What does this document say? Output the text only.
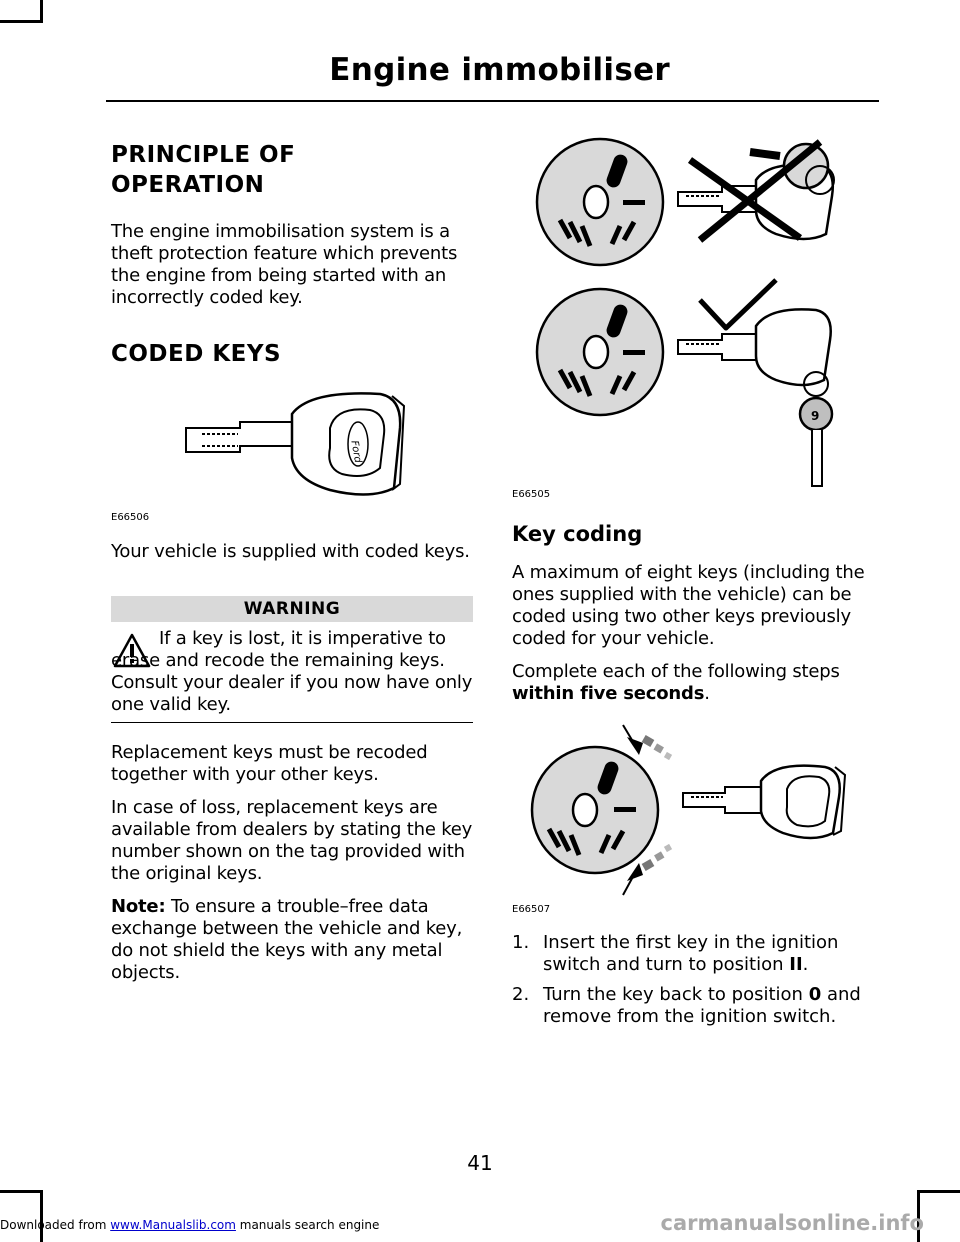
Engine immobiliser
PRINCIPLE OF
OPERATION
The engine immobilisation system is a theft protection feature which prevents the engine from being started with an incorrectly coded key.
CODED KEYS
Ford
E66506
Your vehicle is supplied with coded keys.
WARNING
If a key is lost, it is imperative to erase and recode the remaining keys. Consult your dealer if you now have only one valid key.
Replacement keys must be recoded together with your other keys.
In case of loss, replacement keys are available from dealers by stating the key number shown on the tag provided with the original keys.
Note: To ensure a trouble–free data exchange between the vehicle and key, do not shield the keys with any metal objects.
9
E66505
Key coding
A maximum of eight keys (including the ones supplied with the vehicle) can be coded using two other keys previously coded for your vehicle.
Complete each of the following steps within five seconds.
E66507
1. Insert the first key in the ignition switch and turn to position II.
2. Turn the key back to position 0 and remove from the ignition switch.
41
Downloaded from www.Manualslib.com manuals search engine	carmanualsonline.info
